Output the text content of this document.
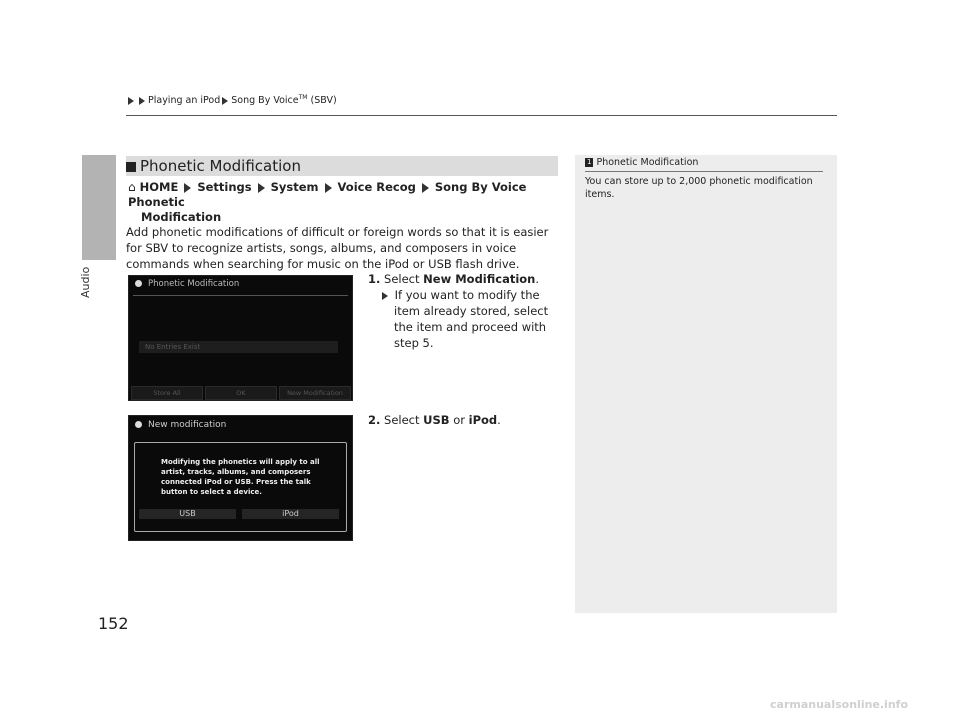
Playing an iPod Song By Voice™ (SBV)
Audio
Phonetic Modification
⌂ HOME Settings System Voice Recog Song By Voice Phonetic
Modification
Add phonetic modifications of difficult or foreign words so that it is easier for SBV to recognize artists, songs, albums, and composers in voice commands when searching for music on the iPod or USB flash drive.
1. Select New Modification.
If you want to modify the item already stored, select the item and proceed with step 5.
2. Select USB or iPod.
Phonetic Modification
No Entries Exist
Store All	OK	New Modification
New modification
Modifying the phonetics will apply to all artist, tracks, albums, and composers connected iPod or USB. Press the talk button to select a device.
USB	iPod
1 Phonetic Modification
You can store up to 2,000 phonetic modification items.
152
carmanualsonline.info
